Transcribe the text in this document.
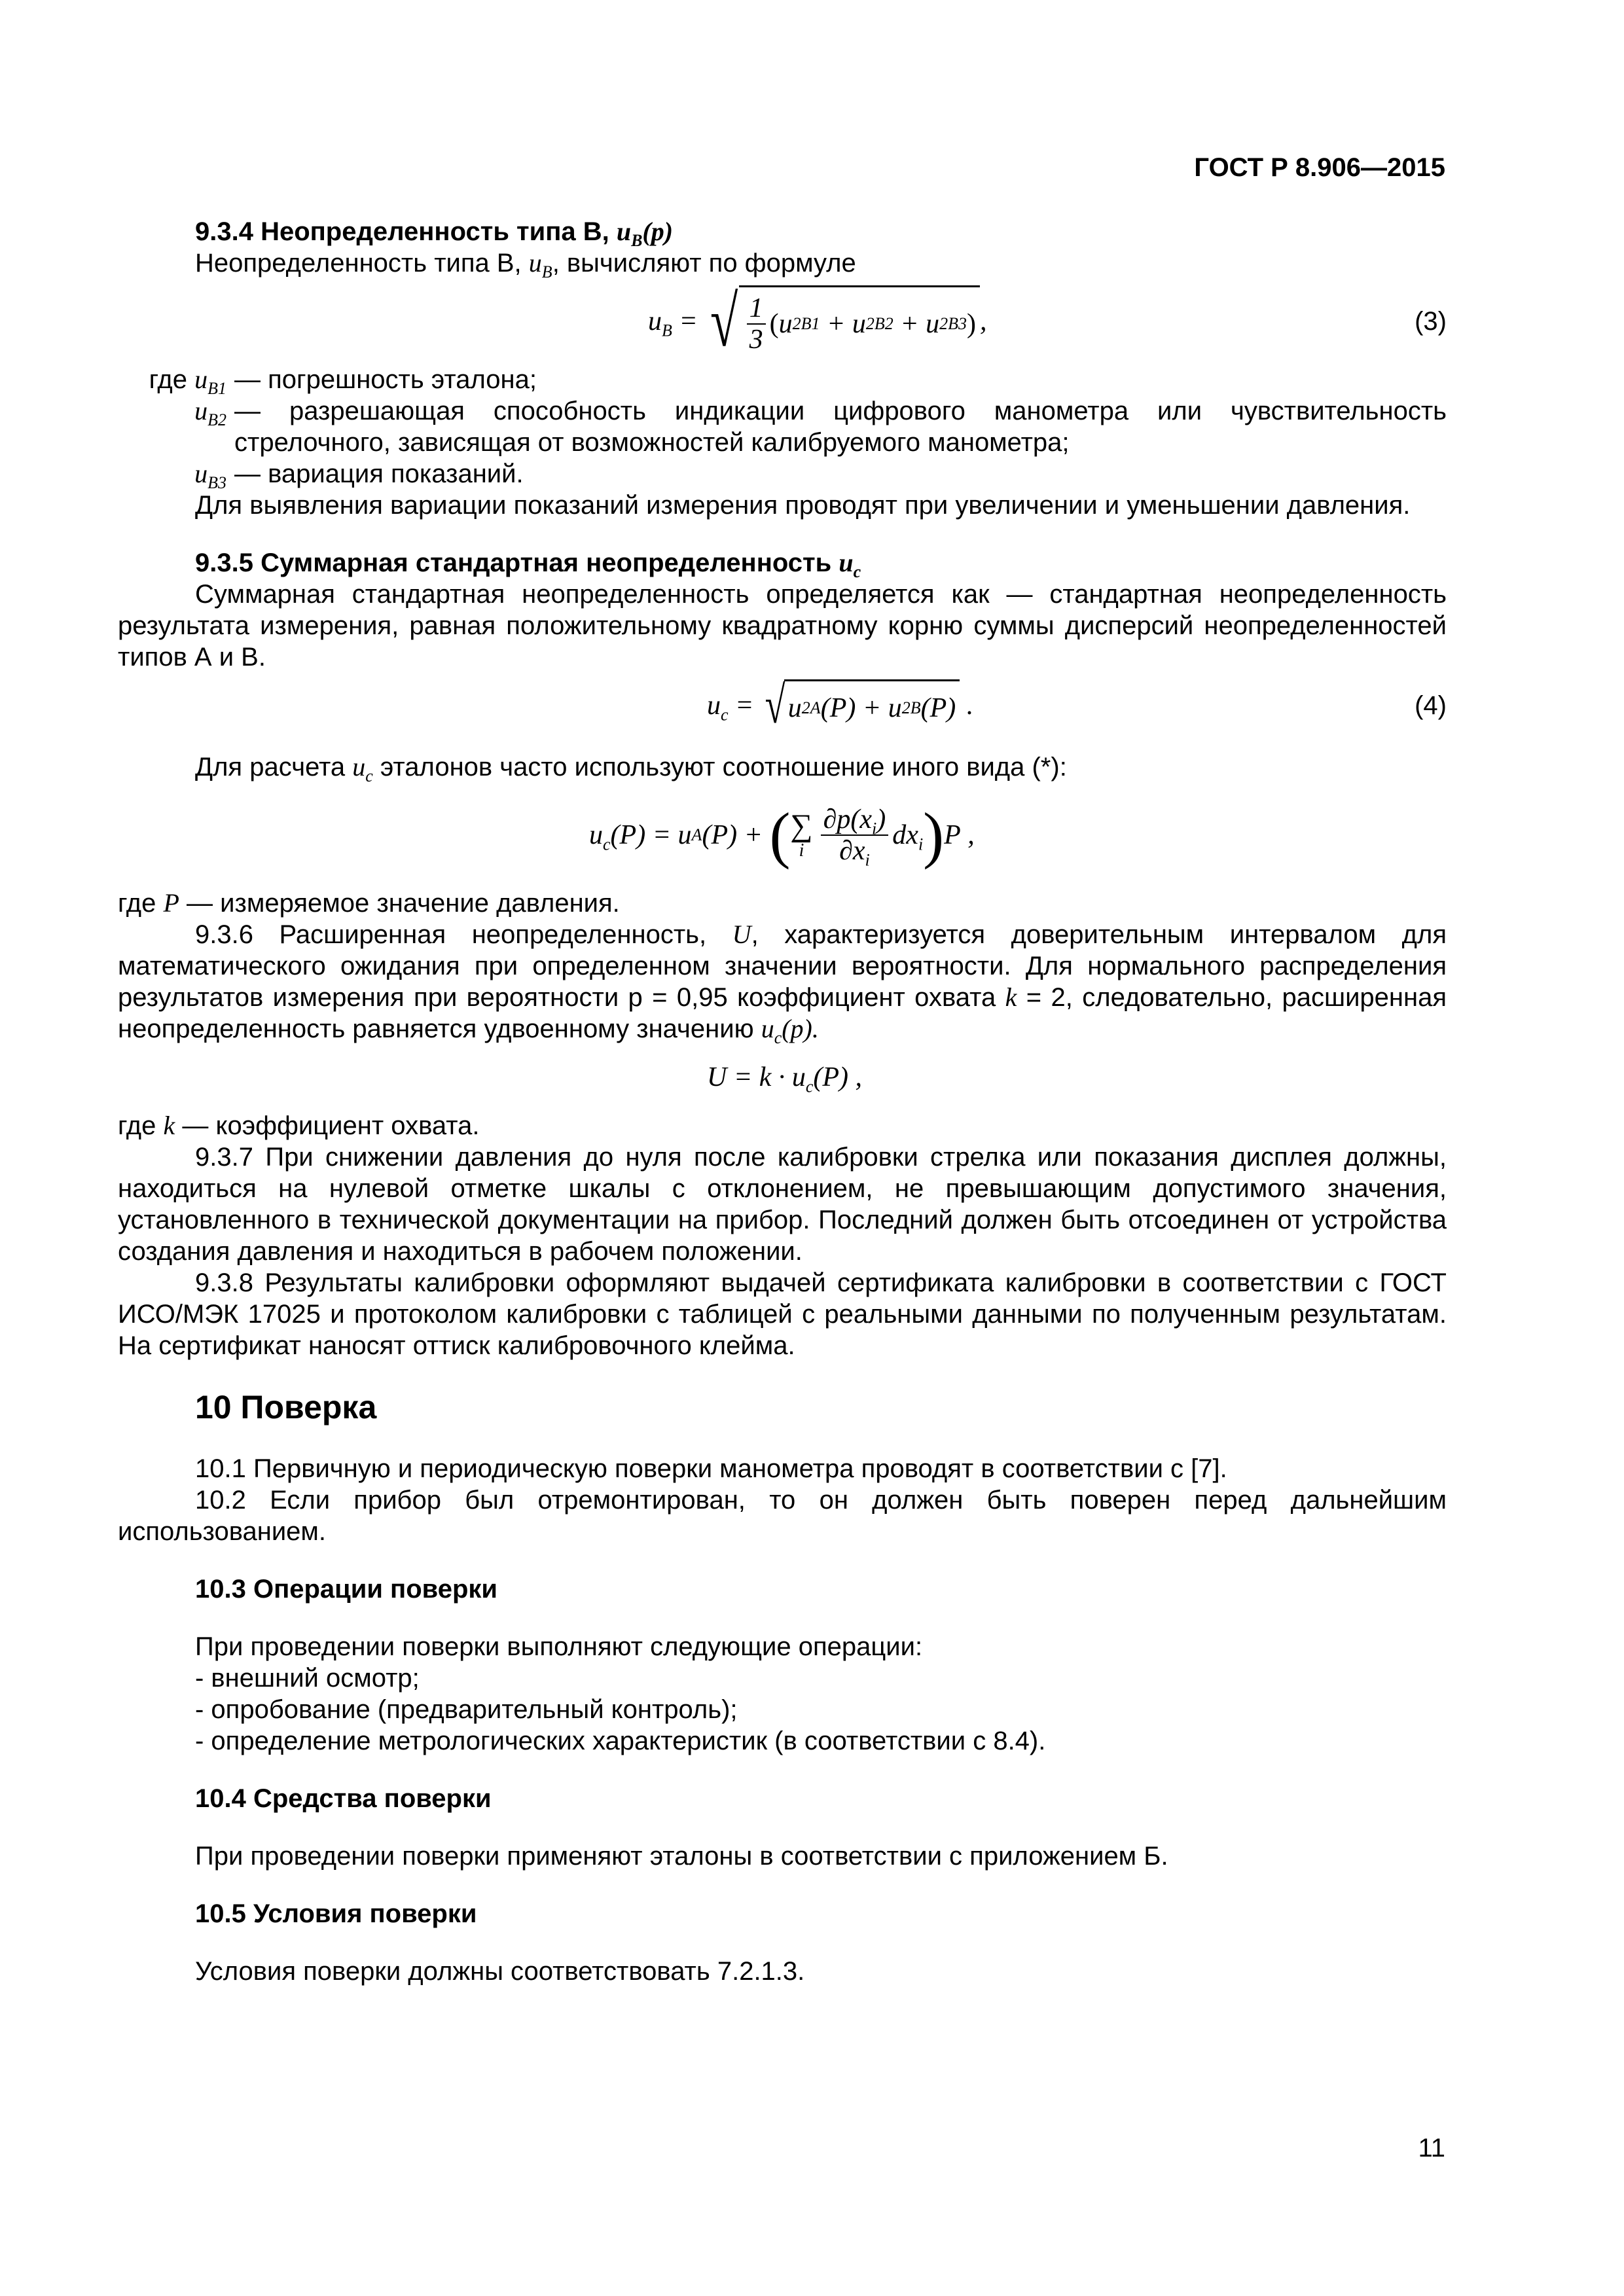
ГОСТ Р 8.906—2015

9.3.4 Неопределенность типа В, $u_B(p)$

Неопределенность типа В, $u_B$, вычисляют по формуле

$u_B$ = √ $\frac{1}{3}$ ( u 2 B1 + u 2 B2 + u 2 B3 ) ,	(3)
где $u_{B1}$ — погрешность эталона;
$u_{B2}$ — разрешающая способность индикации цифрового манометра или чувствительность стрелочного, зависящая от возможностей калибруемого манометра;
$u_{B3}$ — вариация показаний.

Для выявления вариации показаний измерения проводят при увеличении и уменьшении давления.

9.3.5 Суммарная стандартная неопределенность $u_c$

Суммарная стандартная неопределенность определяется как — стандартная неопределенность результата измерения, равная положительному квадратному корню суммы дисперсий неопределенностей типов А и В.

$u_c$ = √ u 2 A ( P ) + u 2 B ( P ) .	(4)

Для расчета $u_c$ эталонов часто используют соотношение иного вида (*):

$u_c$ ( P ) = u A ( P ) + ( ∑
i $\frac{\partial p(x_i)}{\partial x_i} dx_i$ ) P ,

где P — измеряемое значение давления.

9.3.6 Расширенная неопределенность, U, характеризуется доверительным интервалом для математического ожидания при определенном значении вероятности. Для нормального распределения результатов измерения при вероятности p = 0,95 коэффициент охвата k = 2, следовательно, расширенная неопределенность равняется удвоенному значению $u_c(p)$.

$U = k \cdot u_c$ ( P ) ,

где k — коэффициент охвата.

9.3.7 При снижении давления до нуля после калибровки стрелка или показания дисплея должны, находиться на нулевой отметке шкалы с отклонением, не превышающим допустимого значения, установленного в технической документации на прибор. Последний должен быть отсоединен от устройства создания давления и находиться в рабочем положении.

9.3.8 Результаты калибровки оформляют выдачей сертификата калибровки в соответствии с ГОСТ ИСО/МЭК 17025 и протоколом калибровки с таблицей с реальными данными по полученным результатам. На сертификат наносят оттиск калибровочного клейма.

10 Поверка

10.1 Первичную и периодическую поверки манометра проводят в соответствии с [7].

10.2 Если прибор был отремонтирован, то он должен быть поверен перед дальнейшим использованием.

10.3 Операции поверки

При проведении поверки выполняют следующие операции:

- внешний осмотр;

- опробование (предварительный контроль);

- определение метрологических характеристик (в соответствии с 8.4).

10.4 Средства поверки

При проведении поверки применяют эталоны в соответствии с приложением Б.

10.5 Условия поверки

Условия поверки должны соответствовать 7.2.1.3.

11
